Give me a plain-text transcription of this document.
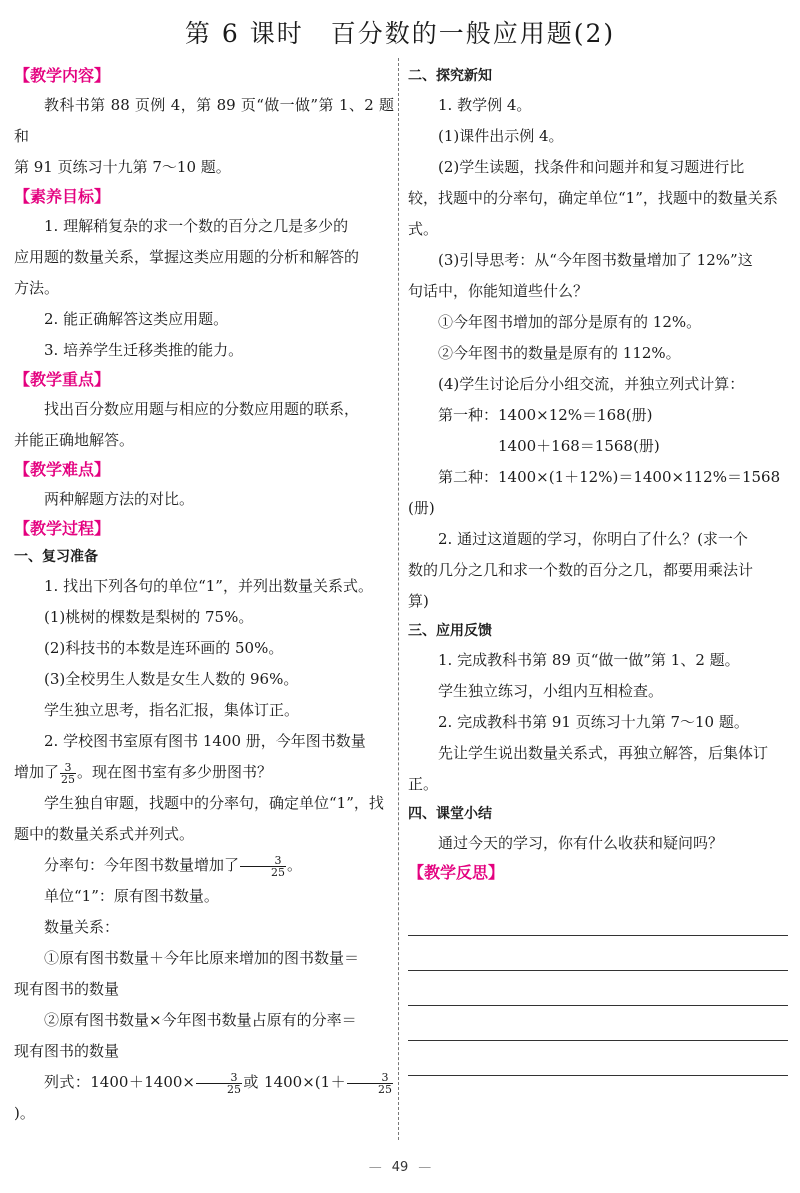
第 6 课时　百分数的一般应用题(2)
【教学内容】

教科书第 88 页例 4，第 89 页“做一做”第 1、2 题和

第 91 页练习十九第 7～10 题。

【素养目标】

1. 理解稍复杂的求一个数的百分之几是多少的

应用题的数量关系，掌握这类应用题的分析和解答的

方法。

2. 能正确解答这类应用题。

3. 培养学生迁移类推的能力。

【教学重点】

找出百分数应用题与相应的分数应用题的联系，

并能正确地解答。

【教学难点】

两种解题方法的对比。

【教学过程】
一、复习准备

1. 找出下列各句的单位“1”，并列出数量关系式。

(1)桃树的棵数是梨树的 75%。

(2)科技书的本数是连环画的 50%。

(3)全校男生人数是女生人数的 96%。

学生独立思考，指名汇报，集体订正。

2. 学校图书室原有图书 1400 册，今年图书数量

增加了 $\frac{3}{25}$ 。现在图书室有多少册图书？

学生独自审题，找题中的分率句，确定单位“1”，找

题中的数量关系式并列式。

分率句：今年图书数量增加了 $\frac{3}{25}$ 。

单位“1”：原有图书数量。

数量关系：

①原有图书数量＋今年比原来增加的图书数量＝

现有图书的数量

②原有图书数量×今年图书数量占原有的分率＝

现有图书的数量

列式：$1400+1400\times \frac{3}{25}$ 或 $1400\times(1+ \frac{3}{25}$
)。

二、探究新知

1. 教学例 4。

(1)课件出示例 4。

(2)学生读题，找条件和问题并和复习题进行比

较，找题中的分率句，确定单位“1”，找题中的数量关系

式。

(3)引导思考：从“今年图书数量增加了 12%”这

句话中，你能知道些什么？

①今年图书增加的部分是原有的 12%。

②今年图书的数量是原有的 112%。

(4)学生讨论后分小组交流，并独立列式计算：

第一种：1400×12%＝168(册)

1400＋168＝1568(册)

第二种：1400×(1＋12%)＝1400×112%＝1568

(册)

2. 通过这道题的学习，你明白了什么？(求一个

数的几分之几和求一个数的百分之几，都要用乘法计

算)

三、应用反馈

1. 完成教科书第 89 页“做一做”第 1、2 题。

学生独立练习，小组内互相检查。

2. 完成教科书第 91 页练习十九第 7～10 题。

先让学生说出数量关系式，再独立解答，后集体订

正。

四、课堂小结

通过今天的学习，你有什么收获和疑问吗？

【教学反思】
— 49 —
